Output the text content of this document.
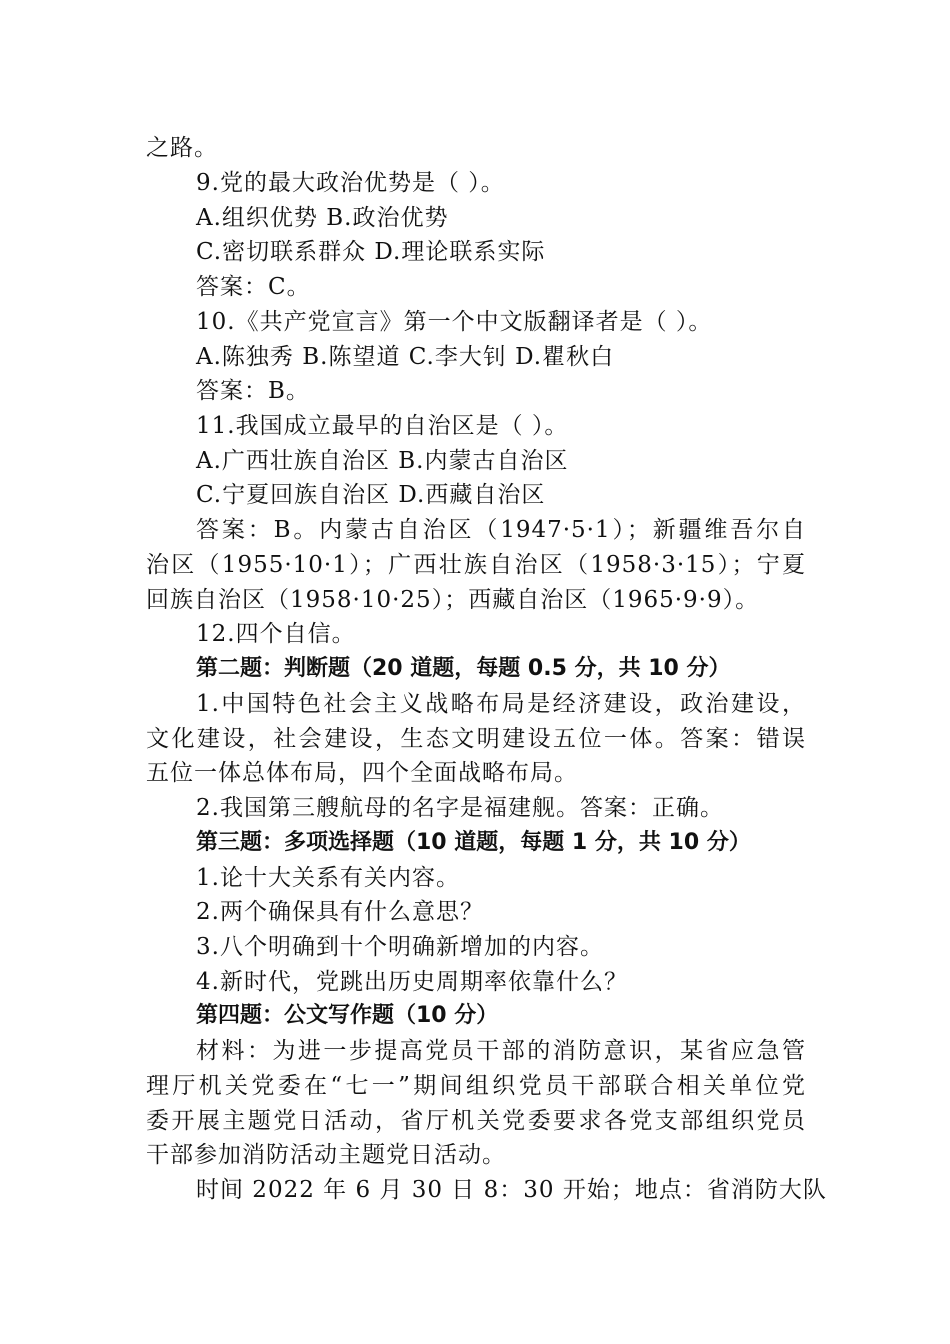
之路。
9.党的最大政治优势是（ ）。
A.组织优势 B.政治优势
C.密切联系群众 D.理论联系实际
答案：C。
10.《共产党宣言》第一个中文版翻译者是（ ）。
A.陈独秀 B.陈望道 C.李大钊 D.瞿秋白
答案：B。
11.我国成立最早的自治区是（ ）。
A.广西壮族自治区 B.内蒙古自治区
C.宁夏回族自治区 D.西藏自治区
答案：B。内蒙古自治区（1947·5·1）；新疆维吾尔自
治区（1955·10·1）；广西壮族自治区（1958·3·15）；宁夏
回族自治区（1958·10·25）；西藏自治区（1965·9·9）。
12.四个自信。
第二题：判断题（20 道题，每题 0.5 分，共 10 分）
1.中国特色社会主义战略布局是经济建设，政治建设，
文化建设，社会建设，生态文明建设五位一体。答案：错误
五位一体总体布局，四个全面战略布局。
2.我国第三艘航母的名字是福建舰。答案：正确。
第三题：多项选择题（10 道题，每题 1 分，共 10 分）
1.论十大关系有关内容。
2.两个确保具有什么意思？
3.八个明确到十个明确新增加的内容。
4.新时代，党跳出历史周期率依靠什么？
第四题：公文写作题（10 分）
材料：为进一步提高党员干部的消防意识，某省应急管
理厅机关党委在“七一”期间组织党员干部联合相关单位党
委开展主题党日活动，省厅机关党委要求各党支部组织党员
干部参加消防活动主题党日活动。
时间 2022 年 6 月 30 日 8：30 开始；地点：省消防大队
